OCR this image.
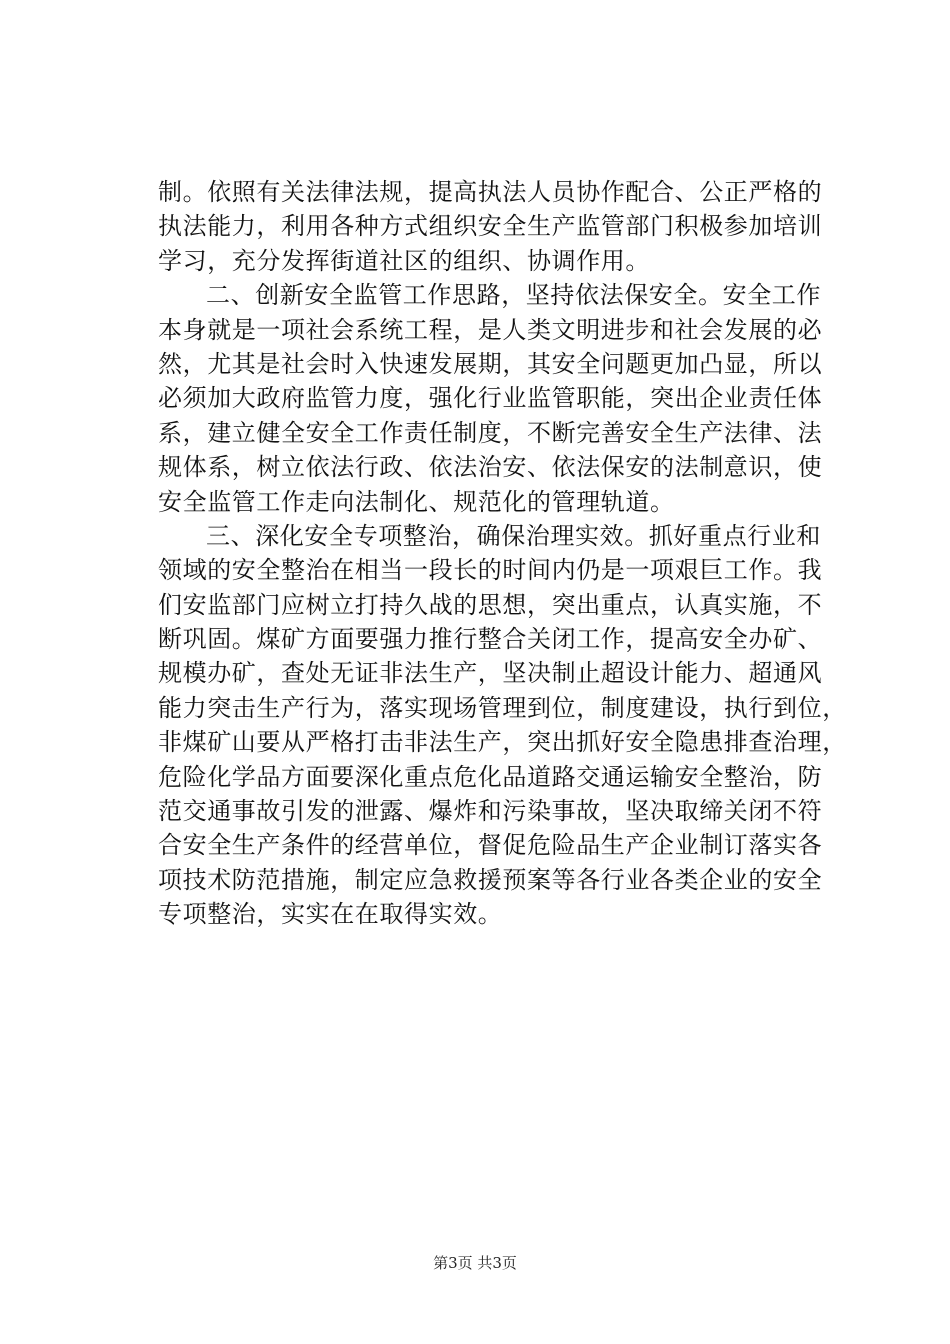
制。依照有关法律法规，提高执法人员协作配合、公正严格的
执法能力，利用各种方式组织安全生产监管部门积极参加培训
学习，充分发挥街道社区的组织、协调作用。
二、创新安全监管工作思路，坚持依法保安全。安全工作
本身就是一项社会系统工程，是人类文明进步和社会发展的必
然，尤其是社会时入快速发展期，其安全问题更加凸显，所以
必须加大政府监管力度，强化行业监管职能，突出企业责任体
系，建立健全安全工作责任制度，不断完善安全生产法律、法
规体系，树立依法行政、依法治安、依法保安的法制意识，使
安全监管工作走向法制化、规范化的管理轨道。
三、深化安全专项整治，确保治理实效。抓好重点行业和
领域的安全整治在相当一段长的时间内仍是一项艰巨工作。我
们安监部门应树立打持久战的思想，突出重点，认真实施，不
断巩固。煤矿方面要强力推行整合关闭工作，提高安全办矿、
规模办矿，查处无证非法生产，坚决制止超设计能力、超通风
能力突击生产行为，落实现场管理到位，制度建设，执行到位，
非煤矿山要从严格打击非法生产，突出抓好安全隐患排查治理，
危险化学品方面要深化重点危化品道路交通运输安全整治，防
范交通事故引发的泄露、爆炸和污染事故，坚决取缔关闭不符
合安全生产条件的经营单位，督促危险品生产企业制订落实各
项技术防范措施，制定应急救援预案等各行业各类企业的安全
专项整治，实实在在取得实效。
第3页 共3页
